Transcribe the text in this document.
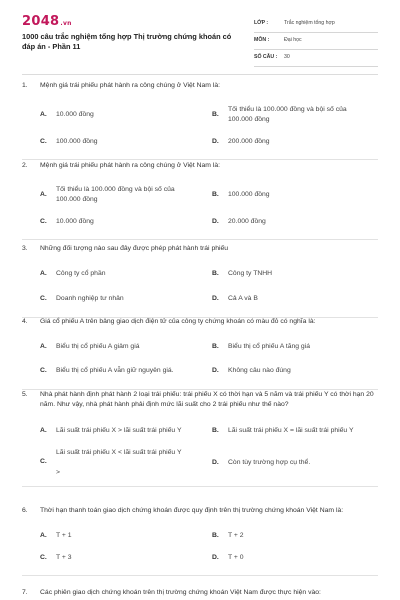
2048.vn
1000 câu trắc nghiệm tổng hợp Thị trường chứng khoán có đáp án - Phần 11
LỚP :	Trắc nghiệm tổng hợp
MÔN :	Đại học
SỐ CÂU : 30
1. Mệnh giá trái phiếu phát hành ra công chúng ở Việt Nam là:
A. 10.000 đồng	B.
Tối thiểu là 100.000 đồng và bội số của 100.000 đồng
C. 100.000 đồng	D. 200.000 đồng
2. Mệnh giá trái phiếu phát hành ra công chúng ở Việt Nam là:
A.
Tối thiểu là 100.000 đồng và bội số của 100.000 đồng
B. 100.000 đồng
C. 10.000 đồng	D. 20.000 đồng
3. Những đối tượng nào sau đây được phép phát hành trái phiếu
A. Công ty cổ phần	B. Công ty TNHH
C. Doanh nghiệp tư nhân	D. Cả A và B
4. Giá cổ phiếu A trên bảng giao dịch điện tử của công ty chứng khoán có màu đỏ có nghĩa là:
A. Biểu thị cổ phiếu A giảm giá	B. Biểu thị cổ phiếu A tăng giá
C. Biểu thị cổ phiếu A vẫn giữ nguyên giá.	D. Không câu nào đúng
5. Nhà phát hành định phát hành 2 loại trái phiếu: trái phiếu X có thời hạn và 5 năm và trái phiếu Y có thời hạn 20 năm. Như vậy, nhà phát hành phải định mức lãi suất cho 2 trái phiếu như thế nào?
A. Lãi suất trái phiếu X > lãi suất trái phiếu Y	B. Lãi suất trái phiếu X = lãi suất trái phiếu Y
C.
Lãi suất trái phiếu X < lãi suất trái phiếu Y
>
D. Còn tùy trường hợp cụ thể.
6. Thời hạn thanh toán giao dịch chứng khoán được quy định trên thị trường chứng khoán Việt Nam là:
A. T + 1	B. T + 2
C. T + 3	D. T + 0
7. Các phiên giao dịch chứng khoán trên thị trường chứng khoán Việt Nam được thực hiện vào:
